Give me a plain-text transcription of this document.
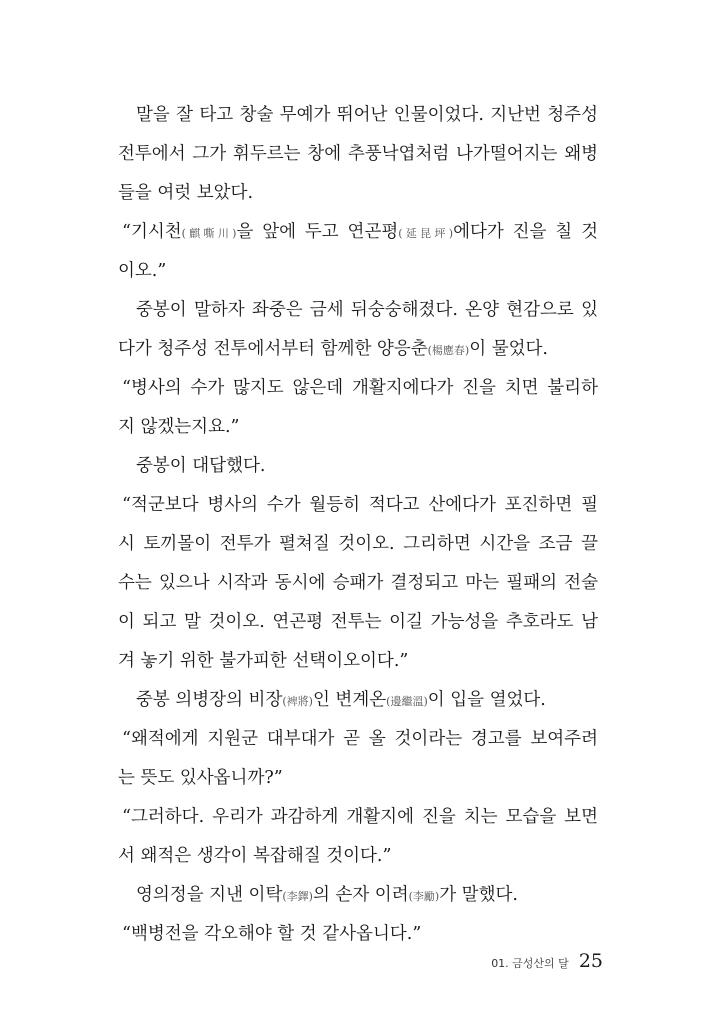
말을 잘 타고 창술 무예가 뛰어난 인물이었다. 지난번 청주성
전투에서 그가 휘두르는 창에 추풍낙엽처럼 나가떨어지는 왜병
들을 여럿 보았다.
“기시천(麒嘶川)을 앞에 두고 연곤평(延昆坪)에다가 진을 칠 것
이오.”
중봉이 말하자 좌중은 금세 뒤숭숭해졌다. 온양 현감으로 있
다가 청주성 전투에서부터 함께한 양응춘(楊應春)이 물었다.
“병사의 수가 많지도 않은데 개활지에다가 진을 치면 불리하
지 않겠는지요.”
중봉이 대답했다.
“적군보다 병사의 수가 월등히 적다고 산에다가 포진하면 필
시 토끼몰이 전투가 펼쳐질 것이오. 그리하면 시간을 조금 끌
수는 있으나 시작과 동시에 승패가 결정되고 마는 필패의 전술
이 되고 말 것이오. 연곤평 전투는 이길 가능성을 추호라도 남
겨 놓기 위한 불가피한 선택이오이다.”
중봉 의병장의 비장(裨將)인 변계온(邊繼溫)이 입을 열었다.
“왜적에게 지원군 대부대가 곧 올 것이라는 경고를 보여주려
는 뜻도 있사옵니까?”
“그러하다. 우리가 과감하게 개활지에 진을 치는 모습을 보면
서 왜적은 생각이 복잡해질 것이다.”
영의정을 지낸 이탁(李鐸)의 손자 이려(李勵)가 말했다.
“백병전을 각오해야 할 것 같사옵니다.”
01. 금성산의 달 25
